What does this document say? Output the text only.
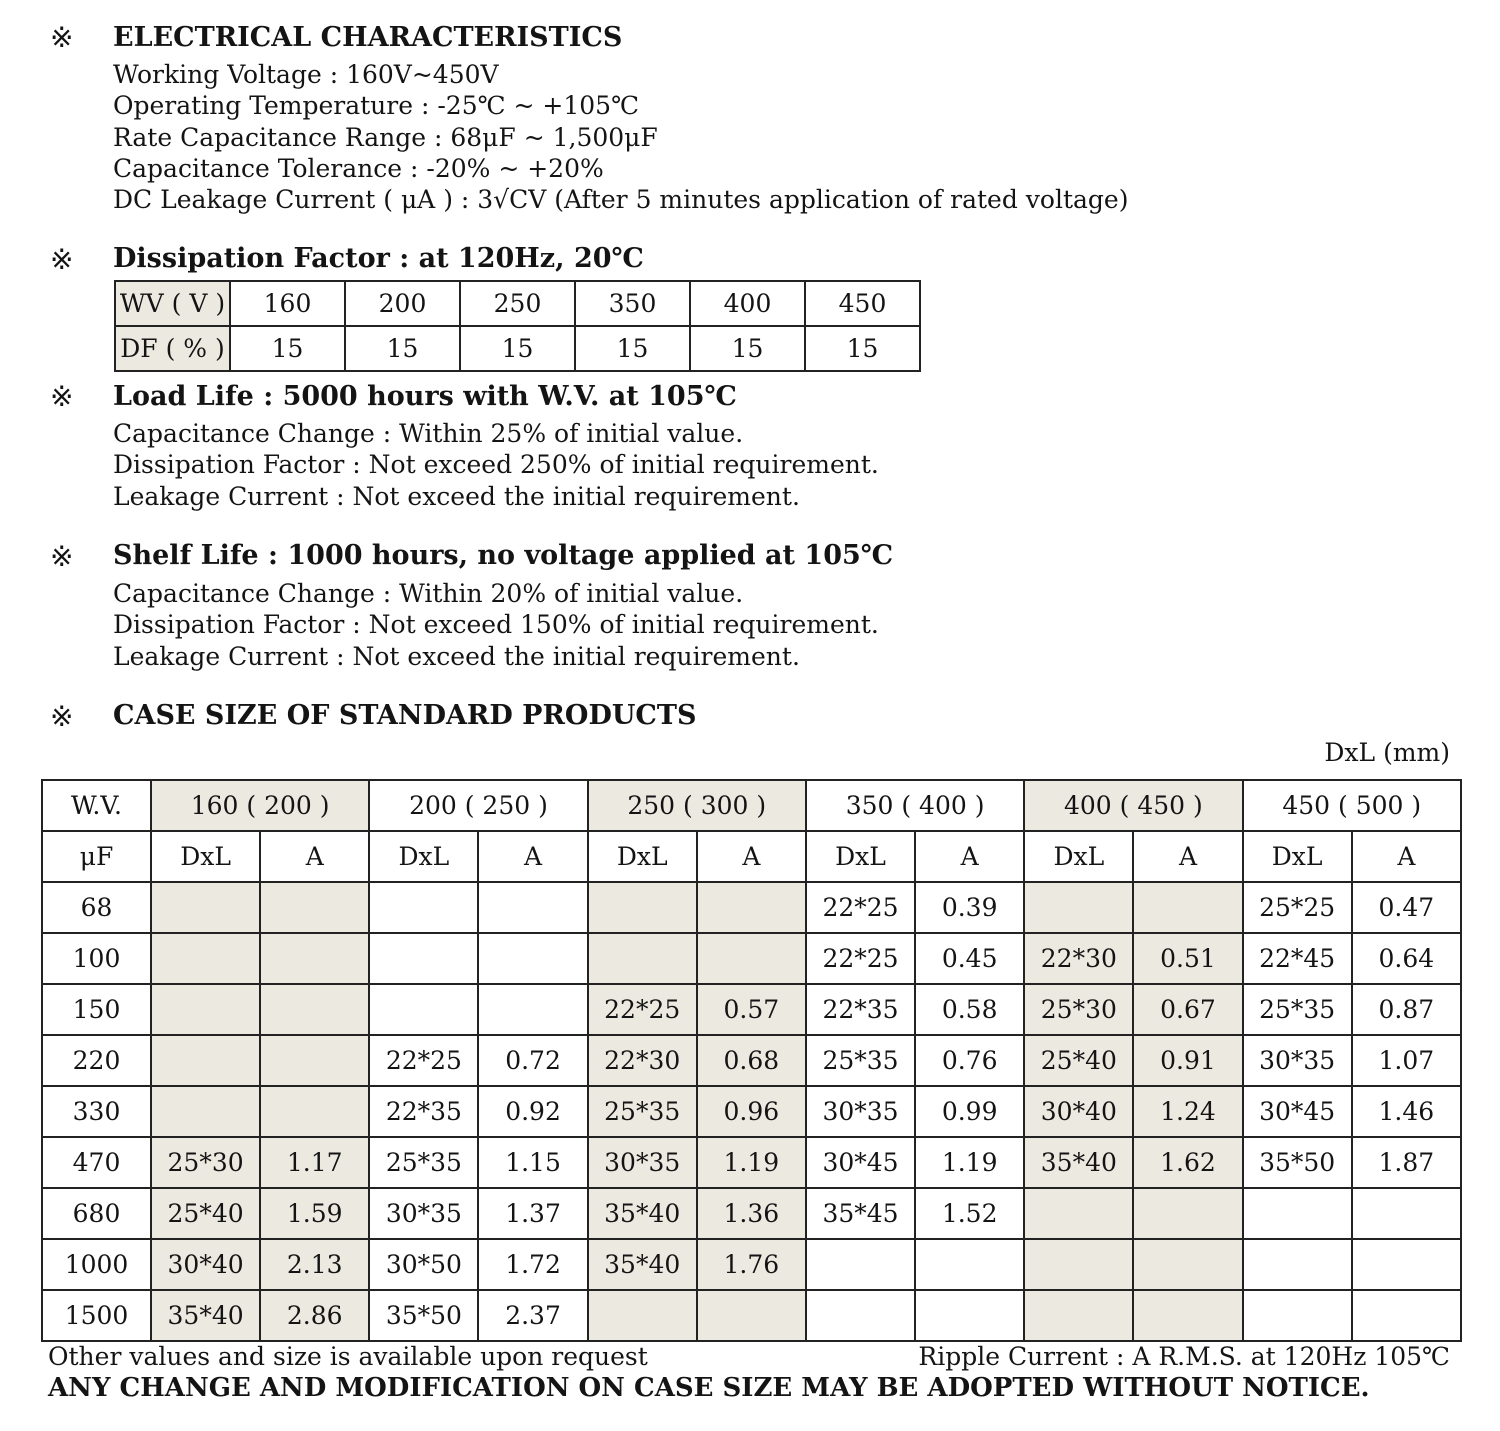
※ ELECTRICAL CHARACTERISTICS
Working Voltage : 160V~450V
Operating Temperature : -25℃ ~ +105℃
Rate Capacitance Range : 68μF ~ 1,500μF
Capacitance Tolerance : -20% ~ +20%
DC Leakage Current ( μA ) : 3√CV (After 5 minutes application of rated voltage)
※ Dissipation Factor : at 120Hz, 20℃
WV ( V )	160	200	250	350	400	450
DF ( % )	15	15	15	15	15	15
※ Load Life : 5000 hours with W.V. at 105℃
Capacitance Change : Within 25% of initial value.
Dissipation Factor : Not exceed 250% of initial requirement.
Leakage Current : Not exceed the initial requirement.
※ Shelf Life : 1000 hours, no voltage applied at 105℃
Capacitance Change : Within 20% of initial value.
Dissipation Factor : Not exceed 150% of initial requirement.
Leakage Current : Not exceed the initial requirement.
※ CASE SIZE OF STANDARD PRODUCTS
DxL (mm)
W.V.	160 ( 200 )		200 ( 250 )		250 ( 300 )		350 ( 400 )		400 ( 450 )		450 ( 500 )	
μF	DxL	A	DxL	A	DxL	A	DxL	A	DxL	A	DxL	A
68							22*25	0.39			25*25	0.47
100							22*25	0.45	22*30	0.51	22*45	0.64
150					22*25	0.57	22*35	0.58	25*30	0.67	25*35	0.87
220			22*25	0.72	22*30	0.68	25*35	0.76	25*40	0.91	30*35	1.07
330			22*35	0.92	25*35	0.96	30*35	0.99	30*40	1.24	30*45	1.46
470	25*30	1.17	25*35	1.15	30*35	1.19	30*45	1.19	35*40	1.62	35*50	1.87
680	25*40	1.59	30*35	1.37	35*40	1.36	35*45	1.52				
1000	30*40	2.13	30*50	1.72	35*40	1.76						
1500	35*40	2.86	35*50	2.37								
Other values and size is available upon request	Ripple Current : A R.M.S. at 120Hz 105℃
ANY CHANGE AND MODIFICATION ON CASE SIZE MAY BE ADOPTED WITHOUT NOTICE.
